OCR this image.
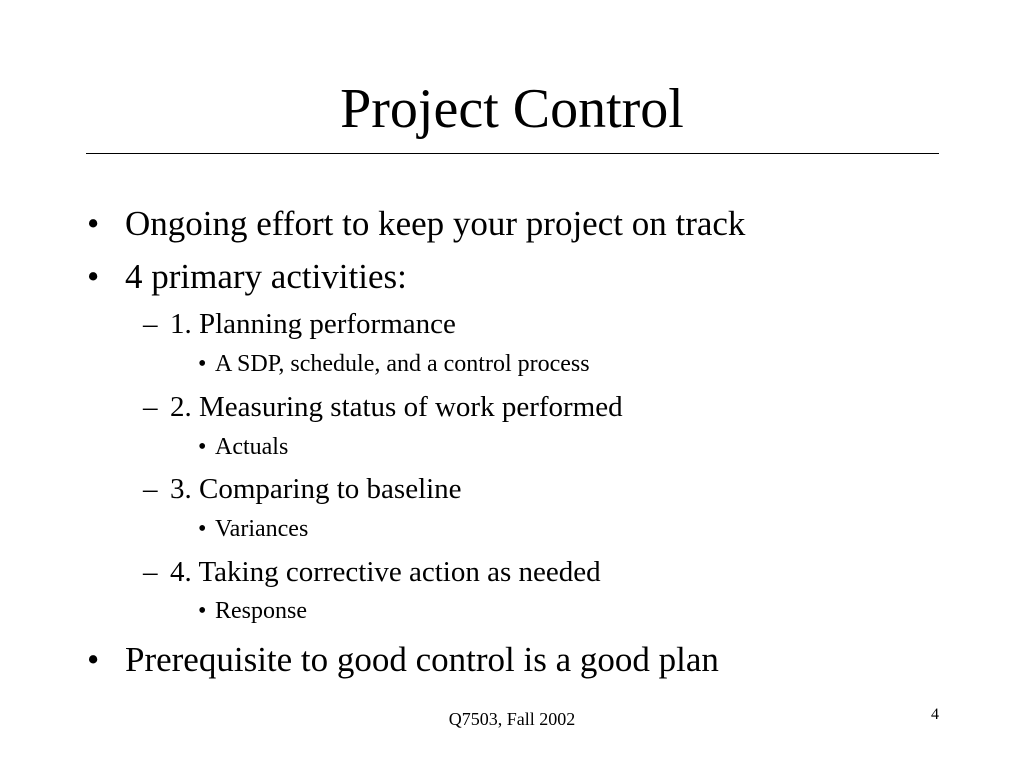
Project Control
• Ongoing effort to keep your project on track
• 4 primary activities:
– 1. Planning performance
• A SDP, schedule, and a control process
– 2. Measuring status of work performed
• Actuals
– 3. Comparing to baseline
• Variances
– 4. Taking corrective action as needed
• Response
• Prerequisite to good control is a good plan
Q7503, Fall 2002	4
